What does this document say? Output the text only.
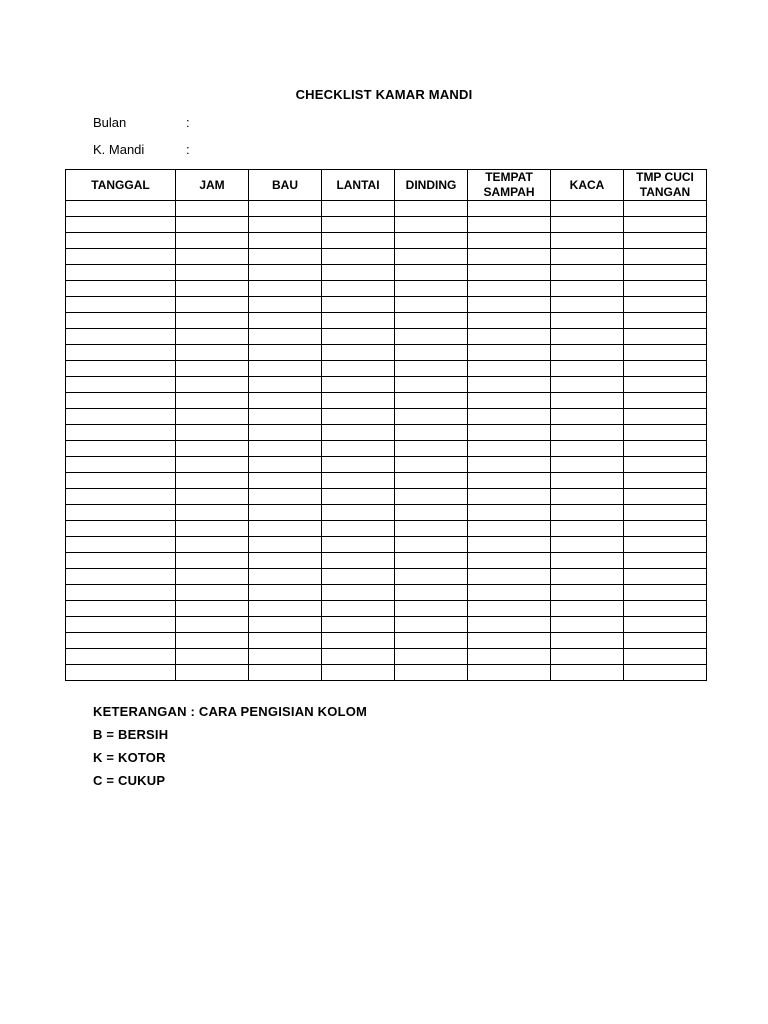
CHECKLIST KAMAR MANDI
Bulan	:
K. Mandi	:
TANGGAL	JAM	BAU	LANTAI	DINDING	TEMPAT SAMPAH	KACA	TMP CUCI TANGAN

KETERANGAN : CARA PENGISIAN KOLOM
B = BERSIH
K = KOTOR
C = CUKUP
